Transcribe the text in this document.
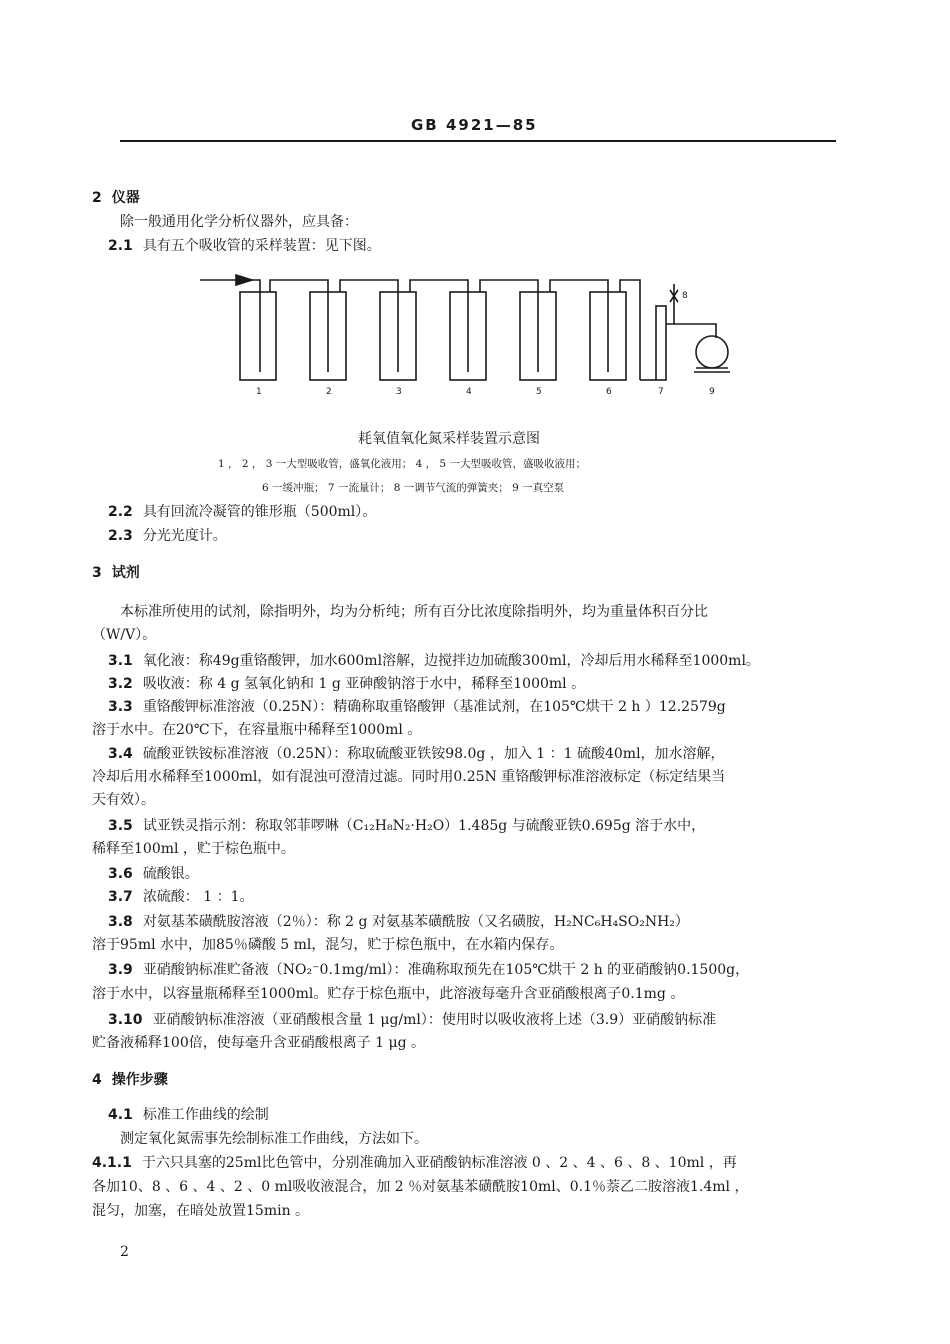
GB 4921—85
2 仪器
除一般通用化学分析仪器外，应具备：
2.1 具有五个吸收管的采样装置：见下图。
1	2	3	4	5	6	7
8
9
耗氧值氧化氮采样装置示意图
1 ， 2 ， 3 一大型吸收管，盛氧化液用； 4 ， 5 一大型吸收管，盛吸收液用；
6 一缓冲瓶； 7 一流量计； 8 一调节气流的弹簧夹； 9 一真空泵
2.2 具有回流冷凝管的锥形瓶（500ml）。
2.3 分光光度计。
3 试剂
本标准所使用的试剂，除指明外，均为分析纯；所有百分比浓度除指明外，均为重量体积百分比
（W/V）。
3.1 氧化液：称49g重铬酸钾，加水600ml溶解，边搅拌边加硫酸300ml，冷却后用水稀释至1000ml。
3.2 吸收液：称 4 g 氢氧化钠和 1 g 亚砷酸钠溶于水中，稀释至1000ml 。
3.3 重铬酸钾标准溶液（0.25N）：精确称取重铬酸钾（基准试剂，在105℃烘干 2 h ）12.2579g
溶于水中。在20℃下，在容量瓶中稀释至1000ml 。
3.4 硫酸亚铁铵标准溶液（0.25N）：称取硫酸亚铁铵98.0g ，加入 1 ：1 硫酸40ml，加水溶解，
冷却后用水稀释至1000ml，如有混浊可澄清过滤。同时用0.25N 重铬酸钾标准溶液标定（标定结果当
天有效）。
3.5 试亚铁灵指示剂：称取邻菲啰啉（C₁₂H₈N₂·H₂O）1.485g 与硫酸亚铁0.695g 溶于水中，
稀释至100ml ，贮于棕色瓶中。
3.6 硫酸银。
3.7 浓硫酸： 1 ：1。
3.8 对氨基苯磺酰胺溶液（2％）：称 2 g 对氨基苯磺酰胺（又名磺胺，H₂NC₆H₄SO₂NH₂）
溶于95ml 水中，加85％磷酸 5 ml，混匀，贮于棕色瓶中，在水箱内保存。
3.9 亚硝酸钠标准贮备液（NO₂⁻0.1mg/ml）：准确称取预先在105℃烘干 2 h 的亚硝酸钠0.1500g，
溶于水中，以容量瓶稀释至1000ml。贮存于棕色瓶中，此溶液每毫升含亚硝酸根离子0.1mg 。
3.10 亚硝酸钠标准溶液（亚硝酸根含量 1 μg/ml）：使用时以吸收液将上述（3.9）亚硝酸钠标准
贮备液稀释100倍，使每毫升含亚硝酸根离子 1 μg 。
4 操作步骤
4.1 标准工作曲线的绘制
测定氧化氮需事先绘制标准工作曲线，方法如下。
4.1.1 于六只具塞的25ml比色管中，分别准确加入亚硝酸钠标准溶液 0 、2 、4 、6 、8 、10ml ，再
各加10、8 、6 、4 、2 、0 ml吸收液混合，加 2 ％对氨基苯磺酰胺10ml、0.1％萘乙二胺溶液1.4ml ，
混匀，加塞，在暗处放置15min 。
2
